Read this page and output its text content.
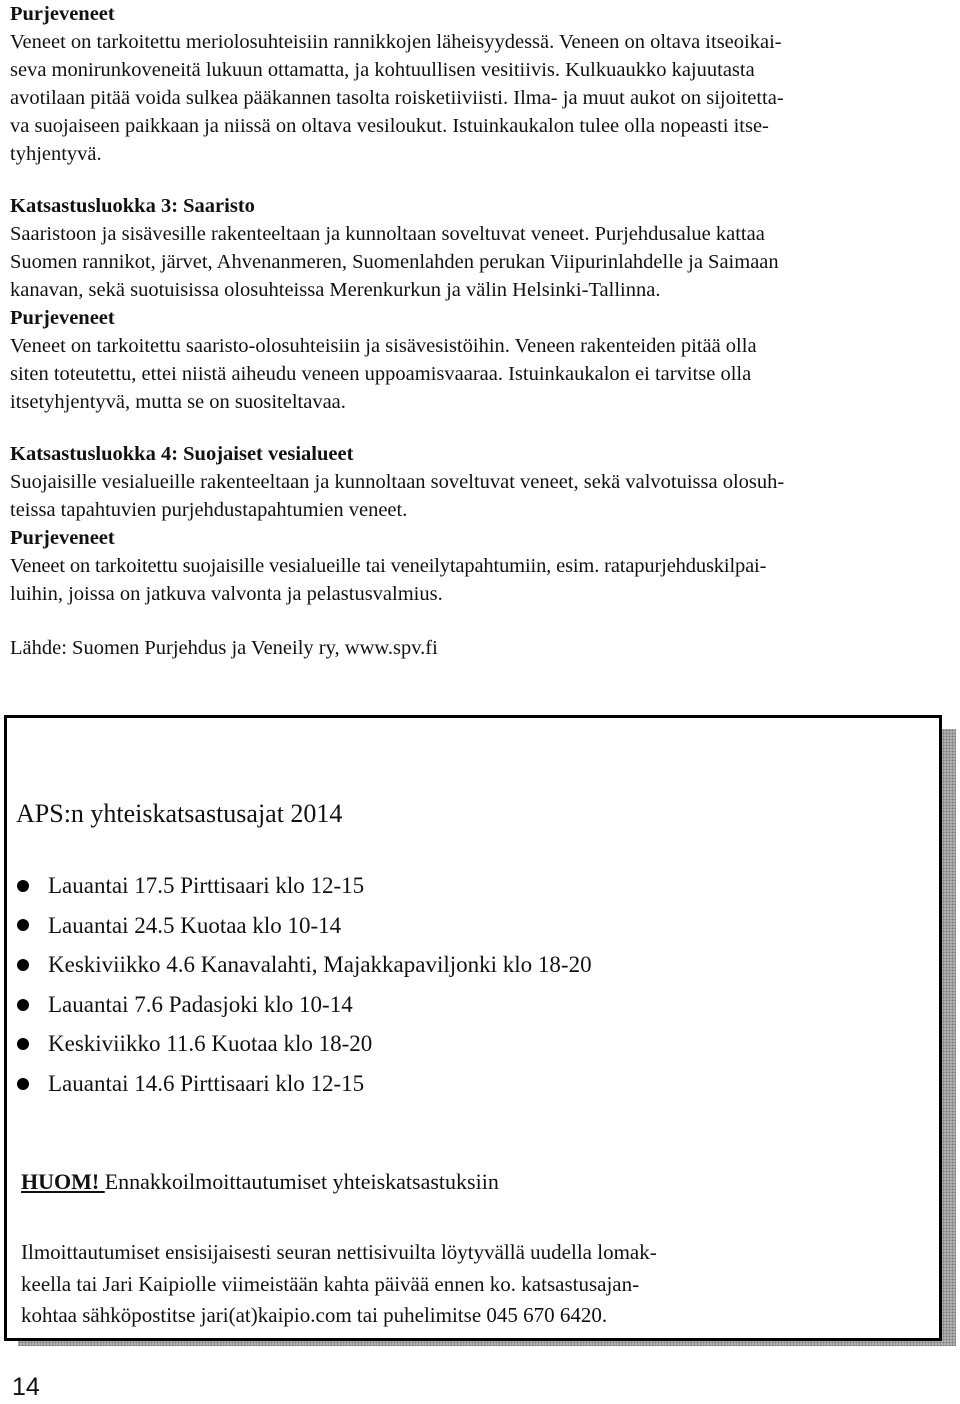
Purjeveneet

Veneet on tarkoitettu meriolosuhteisiin rannikkojen läheisyydessä. Veneen on oltava itseoikai-

seva monirunkoveneitä lukuun ottamatta, ja kohtuullisen vesitiivis. Kulkuaukko kajuutasta

avotilaan pitää voida sulkea pääkannen tasolta roisketiiviisti. Ilma- ja muut aukot on sijoitetta-

va suojaiseen paikkaan ja niissä on oltava vesiloukut. Istuinkaukalon tulee olla nopeasti itse-

tyhjentyvä.

Katsastusluokka 3: Saaristo

Saaristoon ja sisävesille rakenteeltaan ja kunnoltaan soveltuvat veneet. Purjehdusalue kattaa

Suomen rannikot, järvet, Ahvenanmeren, Suomenlahden perukan Viipurinlahdelle ja Saimaan

kanavan, sekä suotuisissa olosuhteissa Merenkurkun ja välin Helsinki-Tallinna.

Purjeveneet

Veneet on tarkoitettu saaristo-olosuhteisiin ja sisävesistöihin. Veneen rakenteiden pitää olla

siten toteutettu, ettei niistä aiheudu veneen uppoamisvaaraa. Istuinkaukalon ei tarvitse olla

itsetyhjentyvä, mutta se on suositeltavaa.

Katsastusluokka 4: Suojaiset vesialueet

Suojaisille vesialueille rakenteeltaan ja kunnoltaan soveltuvat veneet, sekä valvotuissa olosuh-

teissa tapahtuvien purjehdustapahtumien veneet.

Purjeveneet

Veneet on tarkoitettu suojaisille vesialueille tai veneilytapahtumiin, esim. ratapurjehduskilpai-

luihin, joissa on jatkuva valvonta ja pelastusvalmius.

Lähde: Suomen Purjehdus ja Veneily ry, www.spv.fi

APS:n yhteiskatsastusajat 2014

Lauantai 17.5 Pirttisaari klo 12-15
Lauantai 24.5 Kuotaa klo 10-14
Keskiviikko 4.6 Kanavalahti, Majakkapaviljonki klo 18-20
Lauantai 7.6 Padasjoki klo 10-14
Keskiviikko 11.6 Kuotaa klo 18-20
Lauantai 14.6 Pirttisaari klo 12-15

HUOM! Ennakkoilmoittautumiset yhteiskatsastuksiin

Ilmoittautumiset ensisijaisesti seuran nettisivuilta löytyvällä uudella lomak-
keella tai Jari Kaipiolle viimeistään kahta päivää ennen ko. katsastusajan-
kohtaa sähköpostitse jari(at)kaipio.com tai puhelimitse 045 670 6420.

14
